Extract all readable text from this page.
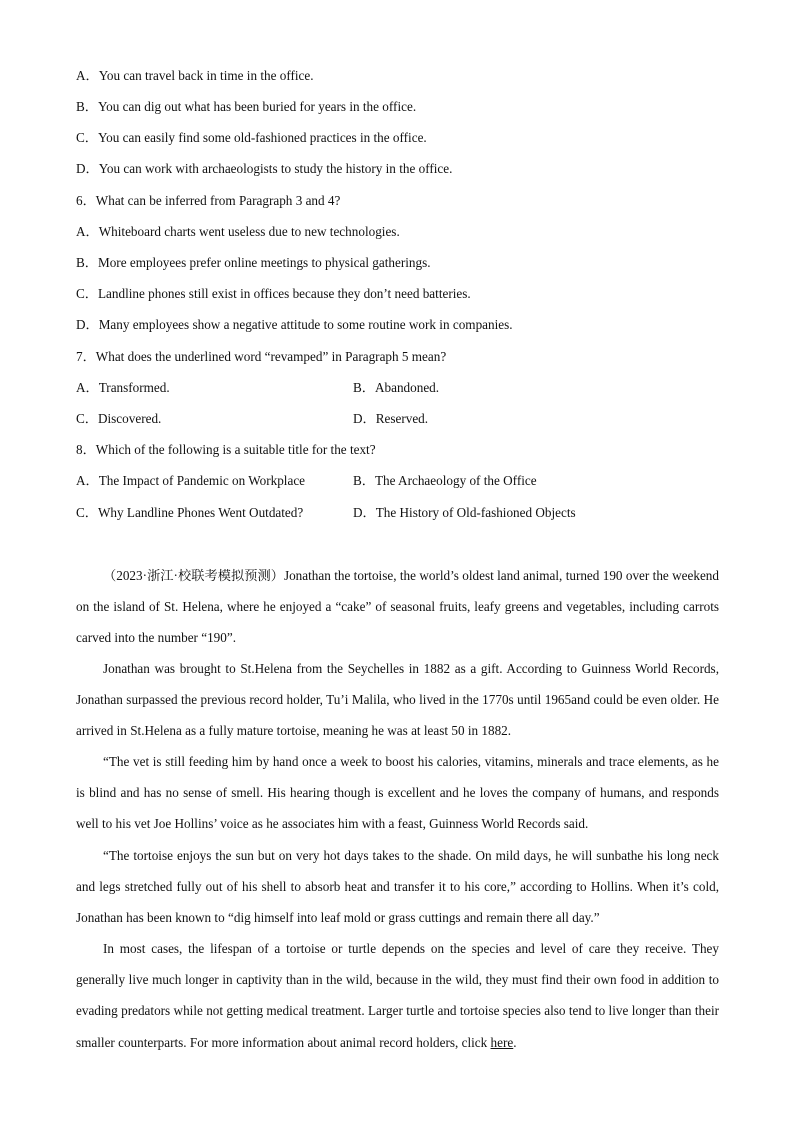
A．You can travel back in time in the office.
B．You can dig out what has been buried for years in the office.
C．You can easily find some old-fashioned practices in the office.
D．You can work with archaeologists to study the history in the office.
6．What can be inferred from Paragraph 3 and 4?
A．Whiteboard charts went useless due to new technologies.
B．More employees prefer online meetings to physical gatherings.
C．Landline phones still exist in offices because they don’t need batteries.
D．Many employees show a negative attitude to some routine work in companies.
7．What does the underlined word “revamped” in Paragraph 5 mean?
A．Transformed.	B．Abandoned.
C．Discovered.	D．Reserved.
8．Which of the following is a suitable title for the text?
A．The Impact of Pandemic on Workplace	B．The Archaeology of the Office
C．Why Landline Phones Went Outdated?	D．The History of Old-fashioned Objects
（2023·浙江·校联考模拟预测）Jonathan the tortoise, the world’s oldest land animal, turned 190 over the weekend on the island of St. Helena, where he enjoyed a “cake” of seasonal fruits, leafy greens and vegetables, including carrots carved into the number “190”.
Jonathan was brought to St.Helena from the Seychelles in 1882 as a gift. According to Guinness World Records, Jonathan surpassed the previous record holder, Tu’i Malila, who lived in the 1770s until 1965and could be even older. He arrived in St.Helena as a fully mature tortoise, meaning he was at least 50 in 1882.
“The vet is still feeding him by hand once a week to boost his calories, vitamins, minerals and trace elements, as he is blind and has no sense of smell. His hearing though is excellent and he loves the company of humans, and responds well to his vet Joe Hollins’ voice as he associates him with a feast, Guinness World Records said.
“The tortoise enjoys the sun but on very hot days takes to the shade. On mild days, he will sunbathe his long neck and legs stretched fully out of his shell to absorb heat and transfer it to his core,” according to Hollins. When it’s cold, Jonathan has been known to “dig himself into leaf mold or grass cuttings and remain there all day.”
In most cases, the lifespan of a tortoise or turtle depends on the species and level of care they receive. They generally live much longer in captivity than in the wild, because in the wild, they must find their own food in addition to evading predators while not getting medical treatment. Larger turtle and tortoise species also tend to live longer than their smaller counterparts. For more information about animal record holders, click here.
